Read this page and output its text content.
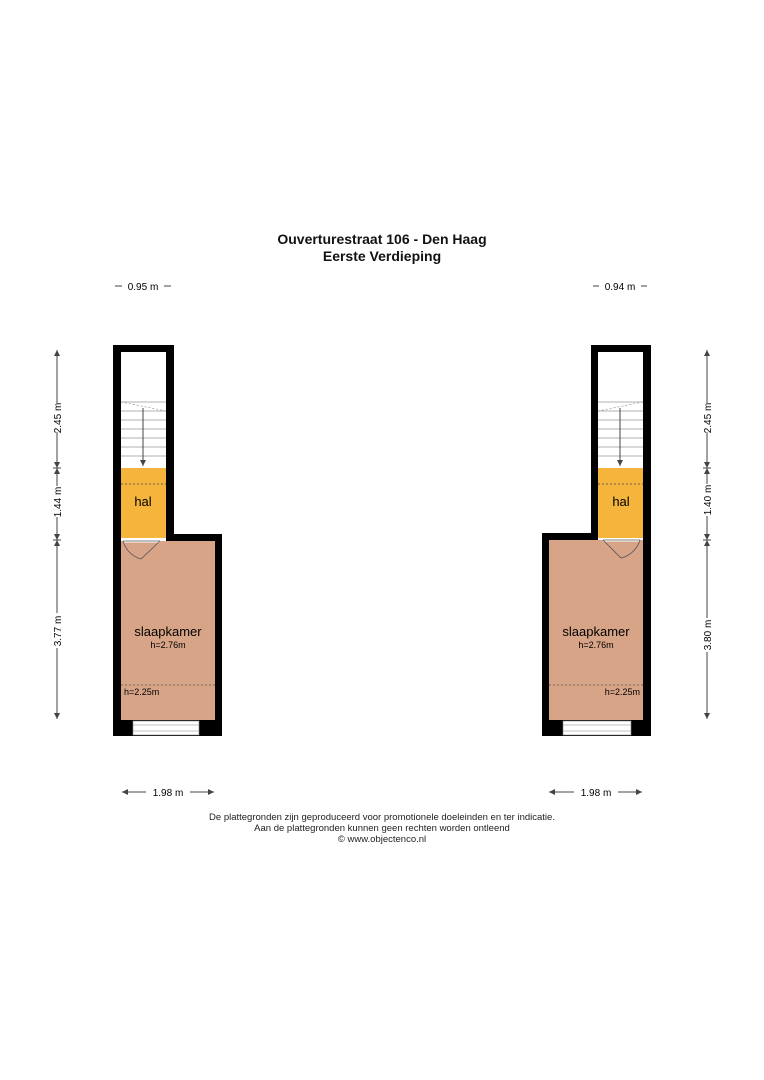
Ouverturestraat 106 - Den Haag
Eerste Verdieping
0.95 m
hal
slaapkamer
h=2.76m
h=2.25m
2.45 m
1.44 m
3.77 m
1.98 m
0.94 m
hal
slaapkamer
h=2.76m
h=2.25m
2.45 m
1.40 m
3.80 m
1.98 m
De plattegronden zijn geproduceerd voor promotionele doeleinden en ter indicatie.
Aan de plattegronden kunnen geen rechten worden ontleend
© www.objectenco.nl
